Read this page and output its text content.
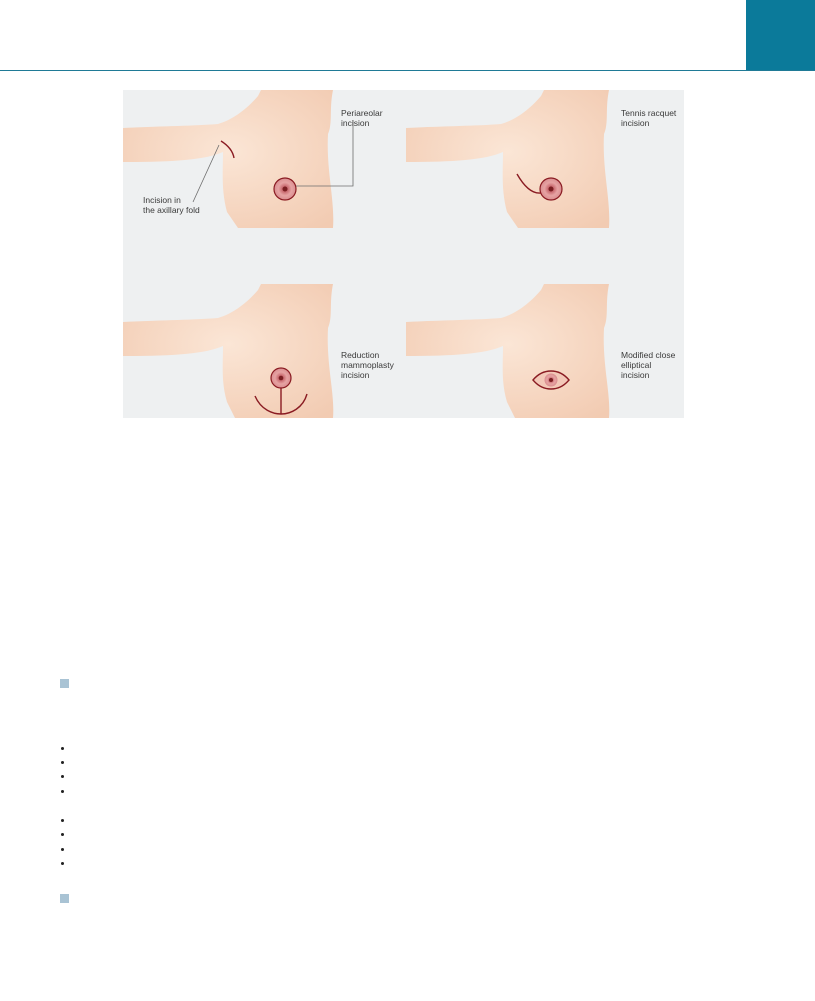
Periareolar
incision
Incision in
the axillary fold
Tennis racquet
incision
Reduction
mammoplasty
incision
Modified close
elliptical
incision
